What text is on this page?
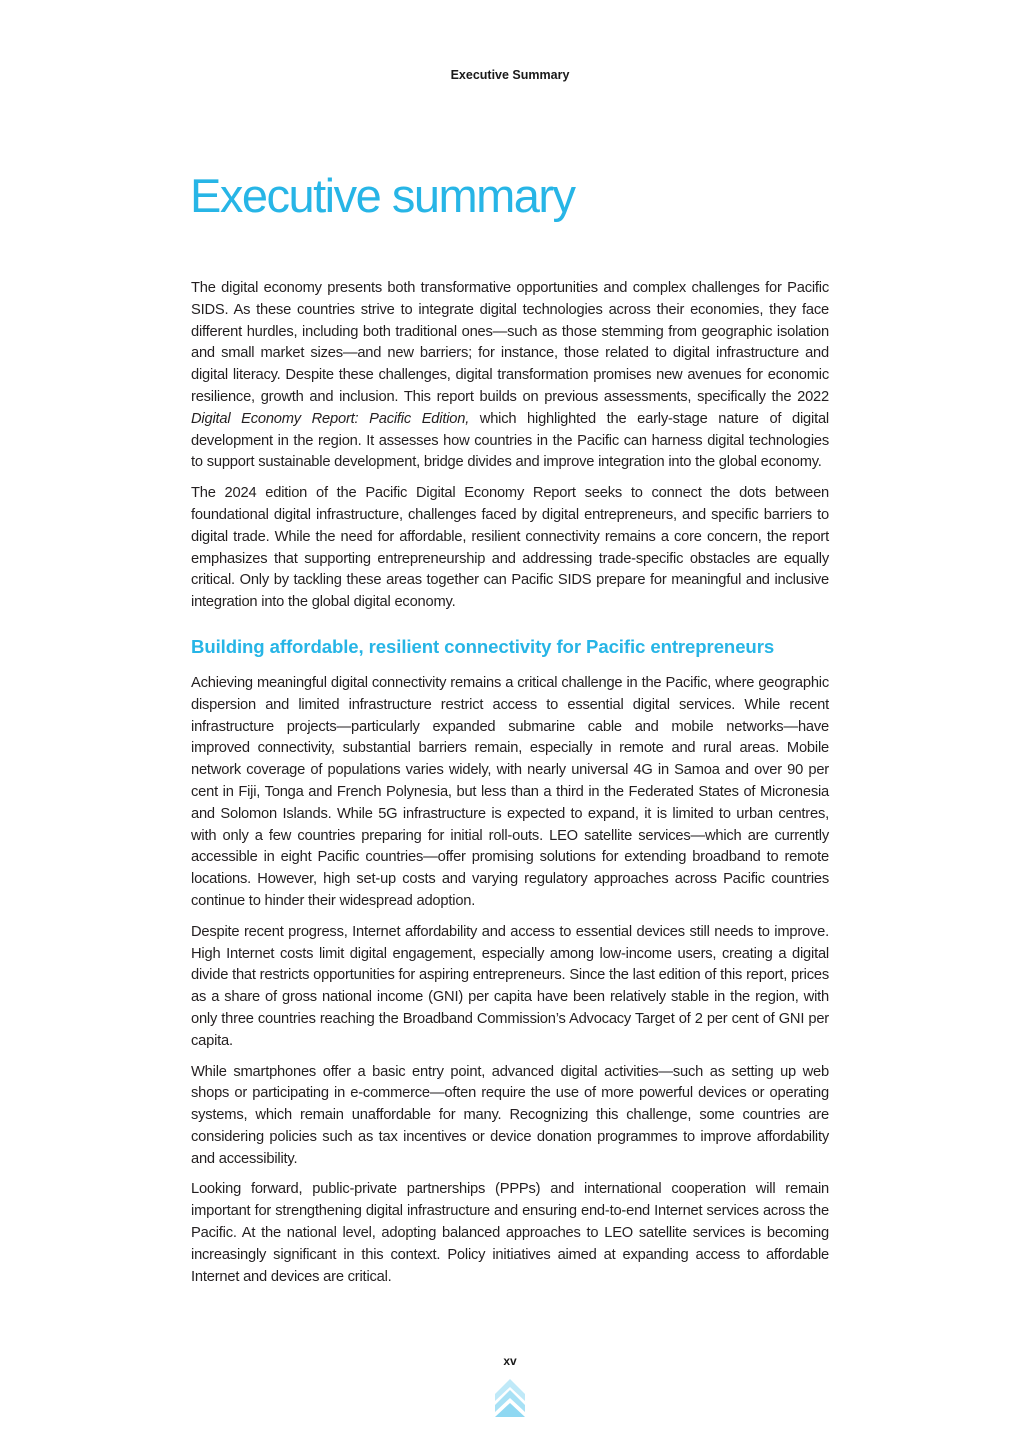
Executive Summary
Executive summary

The digital economy presents both transformative opportunities and complex challenges for Pacific SIDS. As these countries strive to integrate digital technologies across their economies, they face different hurdles, including both traditional ones—such as those stemming from geographic isolation and small market sizes—and new barriers; for instance, those related to digital infrastructure and digital literacy. Despite these challenges, digital transformation promises new avenues for economic resilience, growth and inclusion. This report builds on previous assessments, specifically the 2022 Digital Economy Report: Pacific Edition, which highlighted the early-stage nature of digital development in the region. It assesses how countries in the Pacific can harness digital technologies to support sustainable development, bridge divides and improve integration into the global economy.

The 2024 edition of the Pacific Digital Economy Report seeks to connect the dots between foundational digital infrastructure, challenges faced by digital entrepreneurs, and specific barriers to digital trade. While the need for affordable, resilient connectivity remains a core concern, the report emphasizes that supporting entrepreneurship and addressing trade-specific obstacles are equally critical. Only by tackling these areas together can Pacific SIDS prepare for meaningful and inclusive integration into the global digital economy.

Building affordable, resilient connectivity for Pacific entrepreneurs

Achieving meaningful digital connectivity remains a critical challenge in the Pacific, where geographic dispersion and limited infrastructure restrict access to essential digital services. While recent infrastructure projects—particularly expanded submarine cable and mobile networks—have improved connectivity, substantial barriers remain, especially in remote and rural areas. Mobile network coverage of populations varies widely, with nearly universal 4G in Samoa and over 90 per cent in Fiji, Tonga and French Polynesia, but less than a third in the Federated States of Micronesia and Solomon Islands. While 5G infrastructure is expected to expand, it is limited to urban centres, with only a few countries preparing for initial roll-outs. LEO satellite services—which are currently accessible in eight Pacific countries—offer promising solutions for extending broadband to remote locations. However, high set-up costs and varying regulatory approaches across Pacific countries continue to hinder their widespread adoption.

Despite recent progress, Internet affordability and access to essential devices still needs to improve. High Internet costs limit digital engagement, especially among low-income users, creating a digital divide that restricts opportunities for aspiring entrepreneurs. Since the last edition of this report, prices as a share of gross national income (GNI) per capita have been relatively stable in the region, with only three countries reaching the Broadband Commission’s Advocacy Target of 2 per cent of GNI per capita.

While smartphones offer a basic entry point, advanced digital activities—such as setting up web shops or participating in e-commerce—often require the use of more powerful devices or operating systems, which remain unaffordable for many. Recognizing this challenge, some countries are considering policies such as tax incentives or device donation programmes to improve affordability and accessibility.

Looking forward, public-private partnerships (PPPs) and international cooperation will remain important for strengthening digital infrastructure and ensuring end-to-end Internet services across the Pacific. At the national level, adopting balanced approaches to LEO satellite services is becoming increasingly significant in this context. Policy initiatives aimed at expanding access to affordable Internet and devices are critical.

xv
